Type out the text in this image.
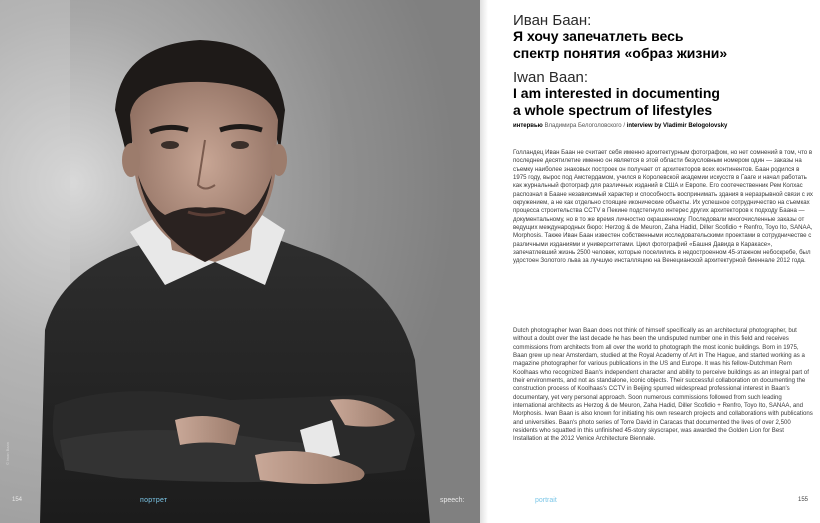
© Iwan Baan
154	портрет	speech:
Иван Баан:
Я хочу запечатлеть весь
спектр понятия «образ жизни»
Iwan Baan:
I am interested in documenting
a whole spectrum of lifestyles
интервью Владимира Белоголовского / interview by Vladimir Belogolovsky

Голландец Иван Баан не считает себя именно архитектурным фотографом, но нет сомнений в том, что в последнее десятилетие именно он является в этой области безусловным номером один — заказы на съемку наиболее знаковых построек он получает от архитекторов всех континентов. Баан родился в 1975 году, вырос под Амстердамом, учился в Королевской академии искусств в Гааге и начал работать как журнальный фотограф для различных изданий в США и Европе. Его соотечественник Рем Колхас распознал в Баане независимый характер и способность воспринимать здания в неразрывной связи с их окружением, а не как отдельно стоящие иконические объекты. Их успешное сотрудничество на съемках процесса строительства CCTV в Пекине подстегнуло интерес других архитекторов к подходу Баана — документальному, но в то же время личностно окрашенному. Последовали многочисленные заказы от ведущих международных бюро: Herzog & de Meuron, Zaha Hadid, Diller Scofidio + Renfro, Toyo Ito, SANAA, Morphosis. Также Иван Баан известен собственными исследовательскими проектами в сотрудничестве с различными изданиями и университетами. Цикл фотографий «Башня Давида в Каракасе», запечатлевший жизнь 2500 человек, которые поселились в недостроенном 45-этажном небоскребе, был удостоен Золотого льва за лучшую инсталляцию на Венецианской архитектурной биеннале 2012 года.

Dutch photographer Iwan Baan does not think of himself specifically as an architectural photographer, but without a doubt over the last decade he has been the undisputed number one in this field and receives commissions from architects from all over the world to photograph the most iconic buildings. Born in 1975, Baan grew up near Amsterdam, studied at the Royal Academy of Art in The Hague, and started working as a magazine photographer for various publications in the US and Europe. It was his fellow-Dutchman Rem Koolhaas who recognized Baan's independent character and ability to perceive buildings as an integral part of their environments, and not as standalone, iconic objects. Their successful collaboration on documenting the construction process of Koolhaas's CCTV in Beijing spurred widespread professional interest in Baan's documentary, yet very personal approach. Soon numerous commissions followed from such leading international architects as Herzog & de Meuron, Zaha Hadid, Diller Scofidio + Renfro, Toyo Ito, SANAA, and Morphosis. Iwan Baan is also known for initiating his own research projects and collaborations with publications and universities. Baan's photo series of Torre David in Caracas that documented the lives of over 2,500 residents who squatted in this unfinished 45-story skyscraper, was awarded the Golden Lion for Best Installation at the 2012 Venice Architecture Biennale.

portrait	155
